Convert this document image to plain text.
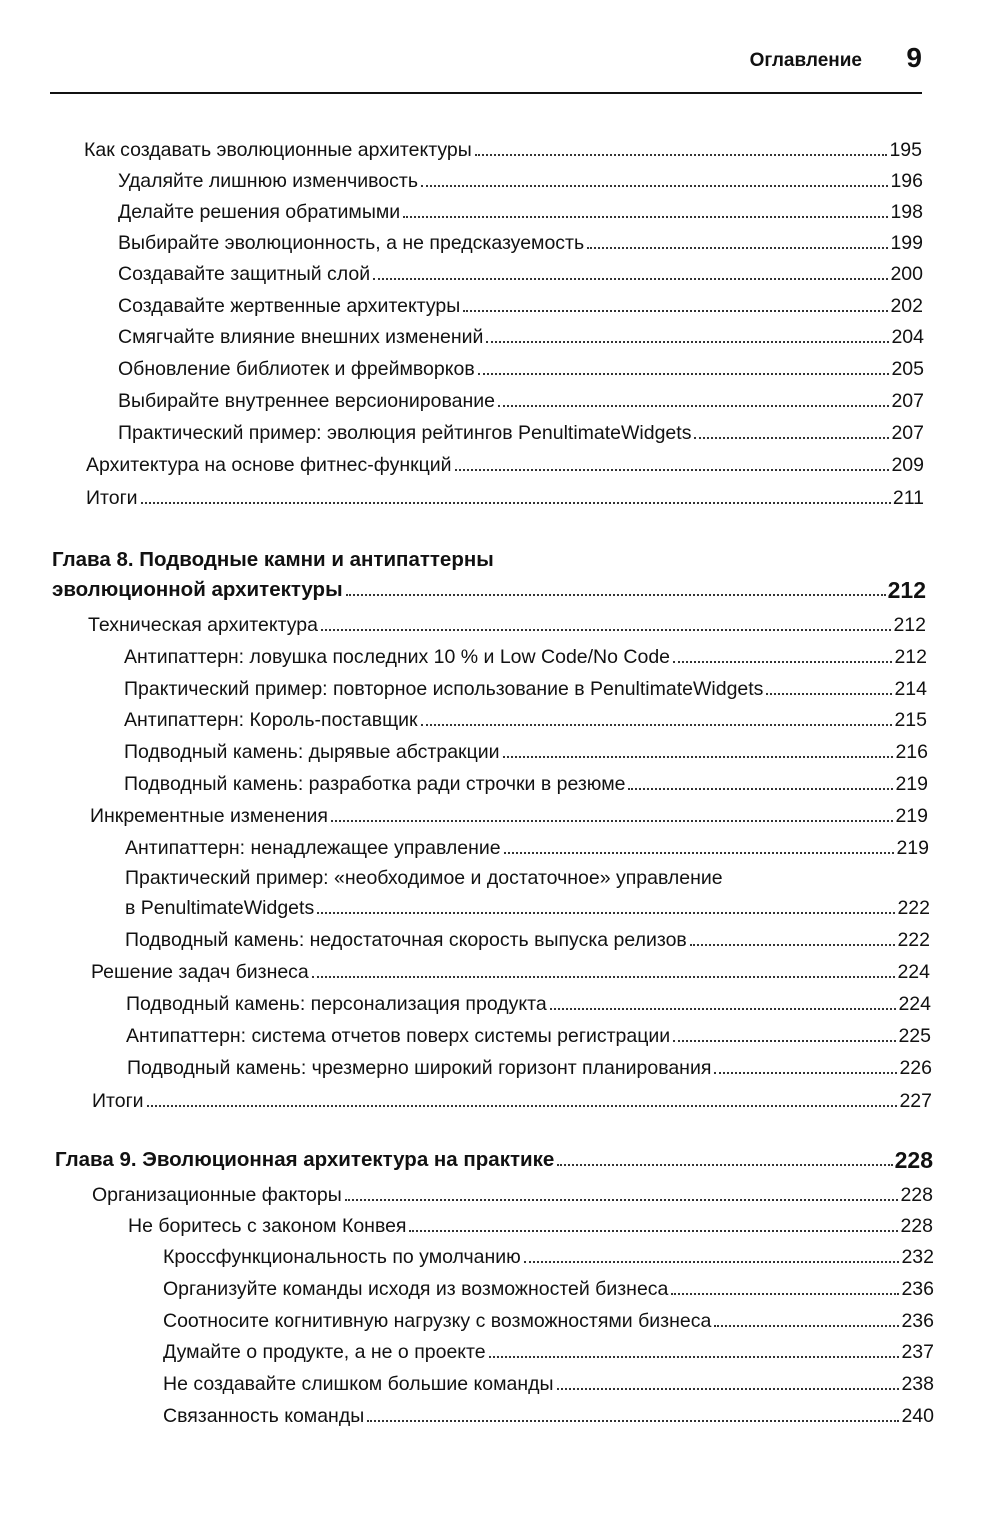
Оглавление 9
Как создавать эволюционные архитектуры	195
Удаляйте лишнюю изменчивость	196
Делайте решения обратимыми	198
Выбирайте эволюционность, а не предсказуемость	199
Создавайте защитный слой	200
Создавайте жертвенные архитектуры	202
Смягчайте влияние внешних изменений	204
Обновление библиотек и фреймворков	205
Выбирайте внутреннее версионирование	207
Практический пример: эволюция рейтингов PenultimateWidgets	207
Архитектура на основе фитнес-функций	209
Итоги	211
Глава 8. Подводные камни и антипаттерны
эволюционной архитектуры	212
Техническая архитектура	212
Антипаттерн: ловушка последних 10 % и Low Code/No Code	212
Практический пример: повторное использование в PenultimateWidgets	214
Антипаттерн: Король-поставщик	215
Подводный камень: дырявые абстракции	216
Подводный камень: разработка ради строчки в резюме	219
Инкрементные изменения	219
Антипаттерн: ненадлежащее управление	219
Практический пример: «необходимое и достаточное» управление
в PenultimateWidgets	222
Подводный камень: недостаточная скорость выпуска релизов	222
Решение задач бизнеса	224
Подводный камень: персонализация продукта	224
Антипаттерн: система отчетов поверх системы регистрации	225
Подводный камень: чрезмерно широкий горизонт планирования	226
Итоги	227
Глава 9. Эволюционная архитектура на практике	228
Организационные факторы	228
Не боритесь с законом Конвея	228
Кроссфункциональность по умолчанию	232
Организуйте команды исходя из возможностей бизнеса	236
Соотносите когнитивную нагрузку с возможностями бизнеса	236
Думайте о продукте, а не о проекте	237
Не создавайте слишком большие команды	238
Связанность команды	240
